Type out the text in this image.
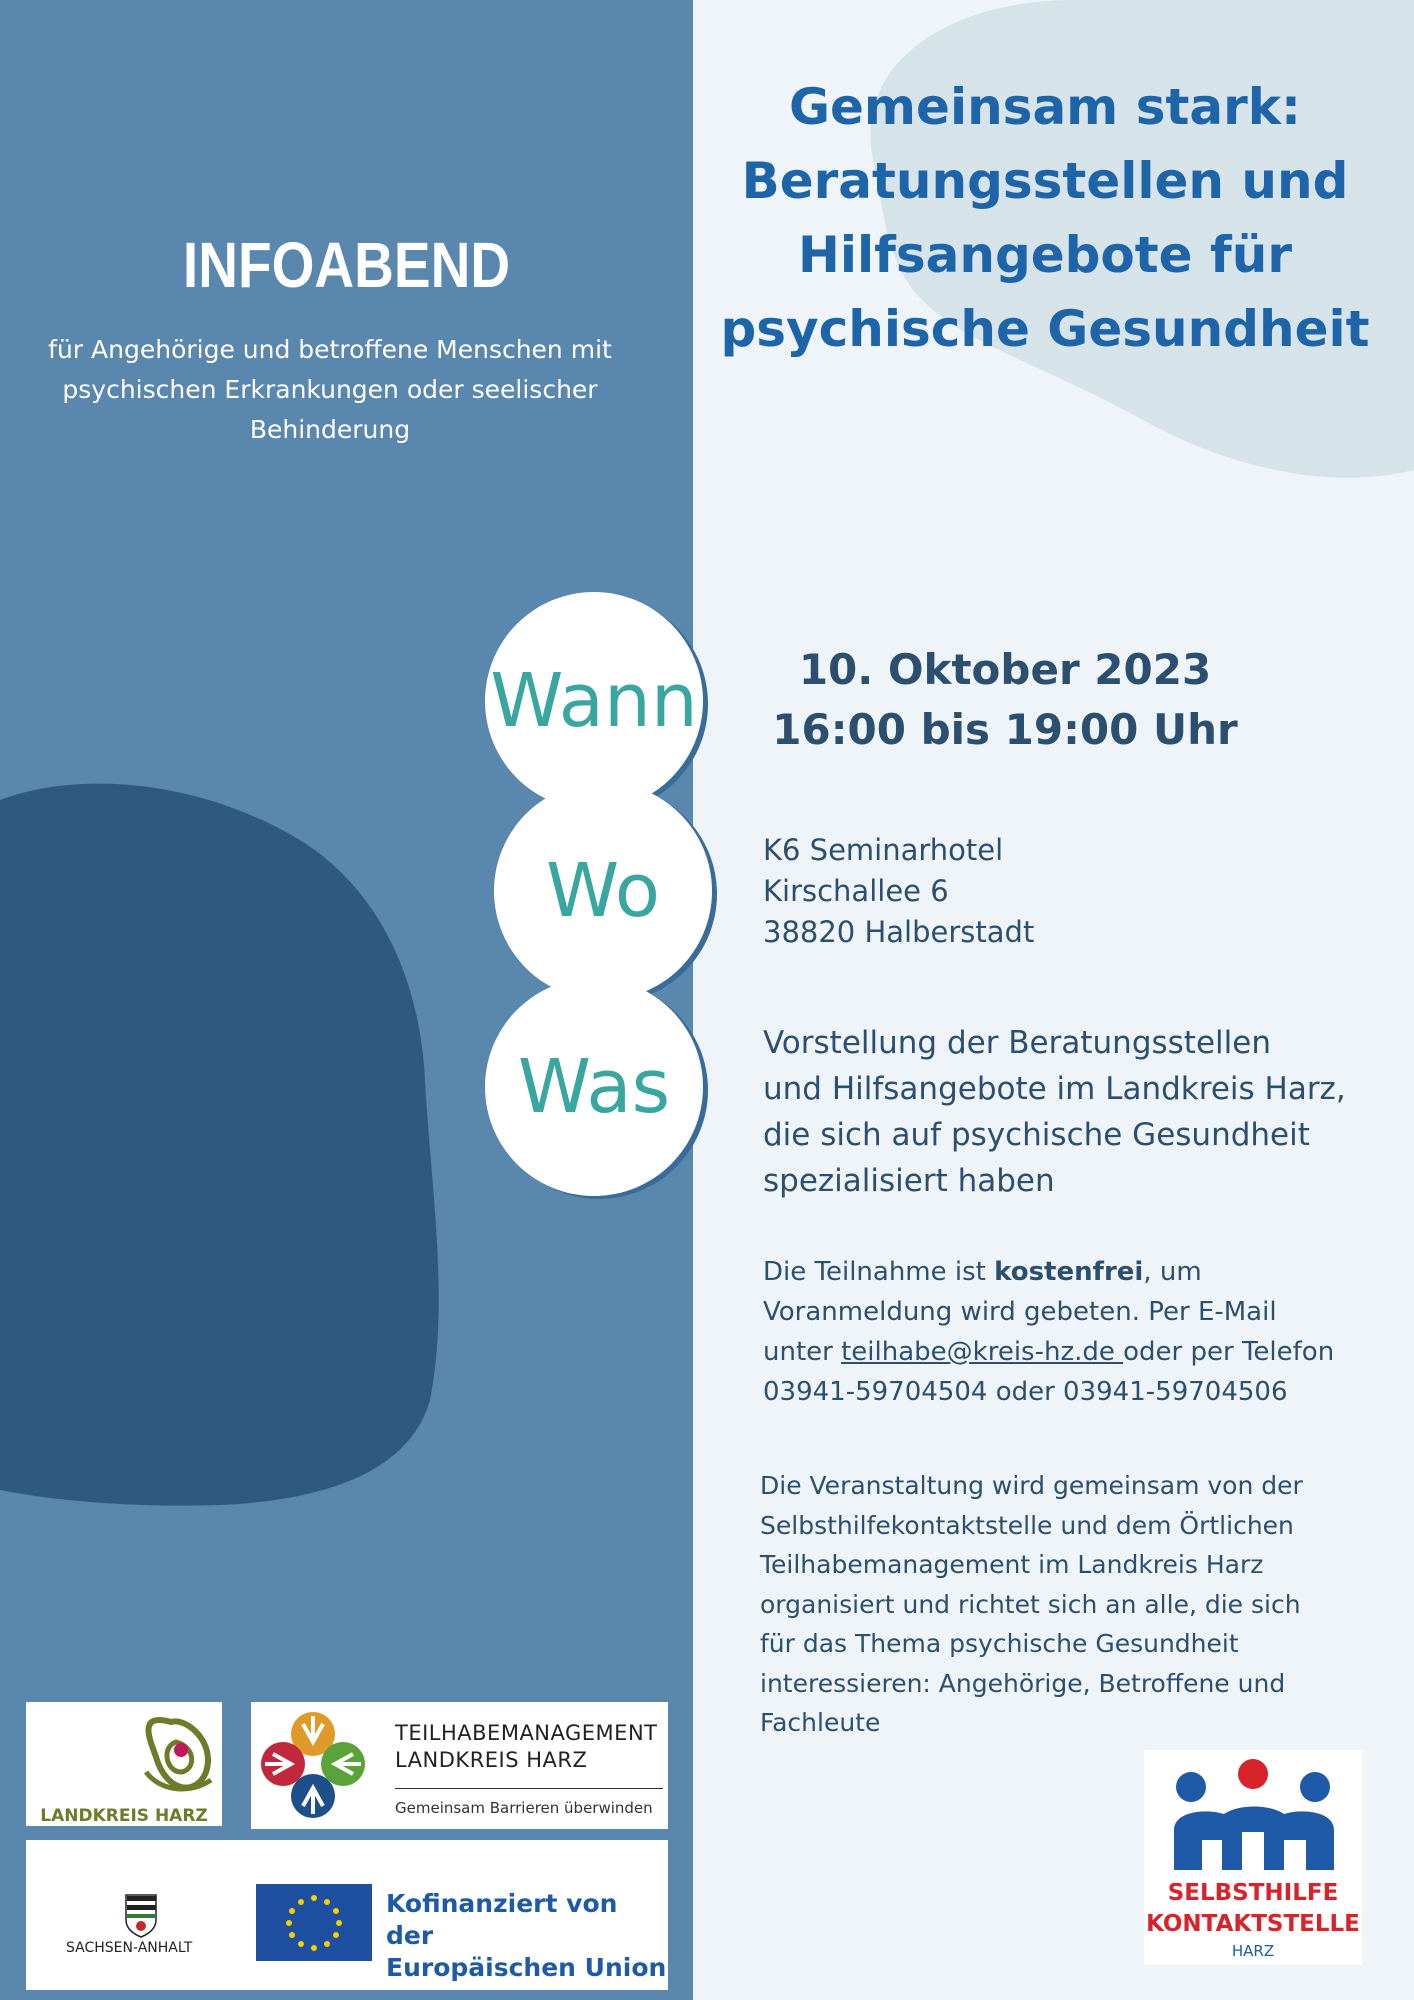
INFOABEND
für Angehörige und betroffene Menschen mit
psychischen Erkrankungen oder seelischer
Behinderung
LANDKREIS HARZ
TEILHABEMANAGEMENT
LANDKREIS HARZ
Gemeinsam Barrieren überwinden
SACHSEN-ANHALT
Kofinanziert von der
Europäischen Union
Gemeinsam stark:
Beratungsstellen und
Hilfsangebote für
psychische Gesundheit
Wann
Wo
Was
10. Oktober 2023
16:00 bis 19:00 Uhr
K6 Seminarhotel
Kirschallee 6
38820 Halberstadt
Vorstellung der Beratungsstellen
und Hilfsangebote im Landkreis Harz,
die sich auf psychische Gesundheit
spezialisiert haben
Die Teilnahme ist kostenfrei, um
Voranmeldung wird gebeten. Per E-Mail
unter teilhabe@kreis-hz.de oder per Telefon
03941-59704504 oder 03941-59704506
Die Veranstaltung wird gemeinsam von der
Selbsthilfekontaktstelle und dem Örtlichen
Teilhabemanagement im Landkreis Harz
organisiert und richtet sich an alle, die sich
für das Thema psychische Gesundheit
interessieren: Angehörige, Betroffene und
Fachleute
SELBSTHILFE
KONTAKTSTELLE
HARZ
